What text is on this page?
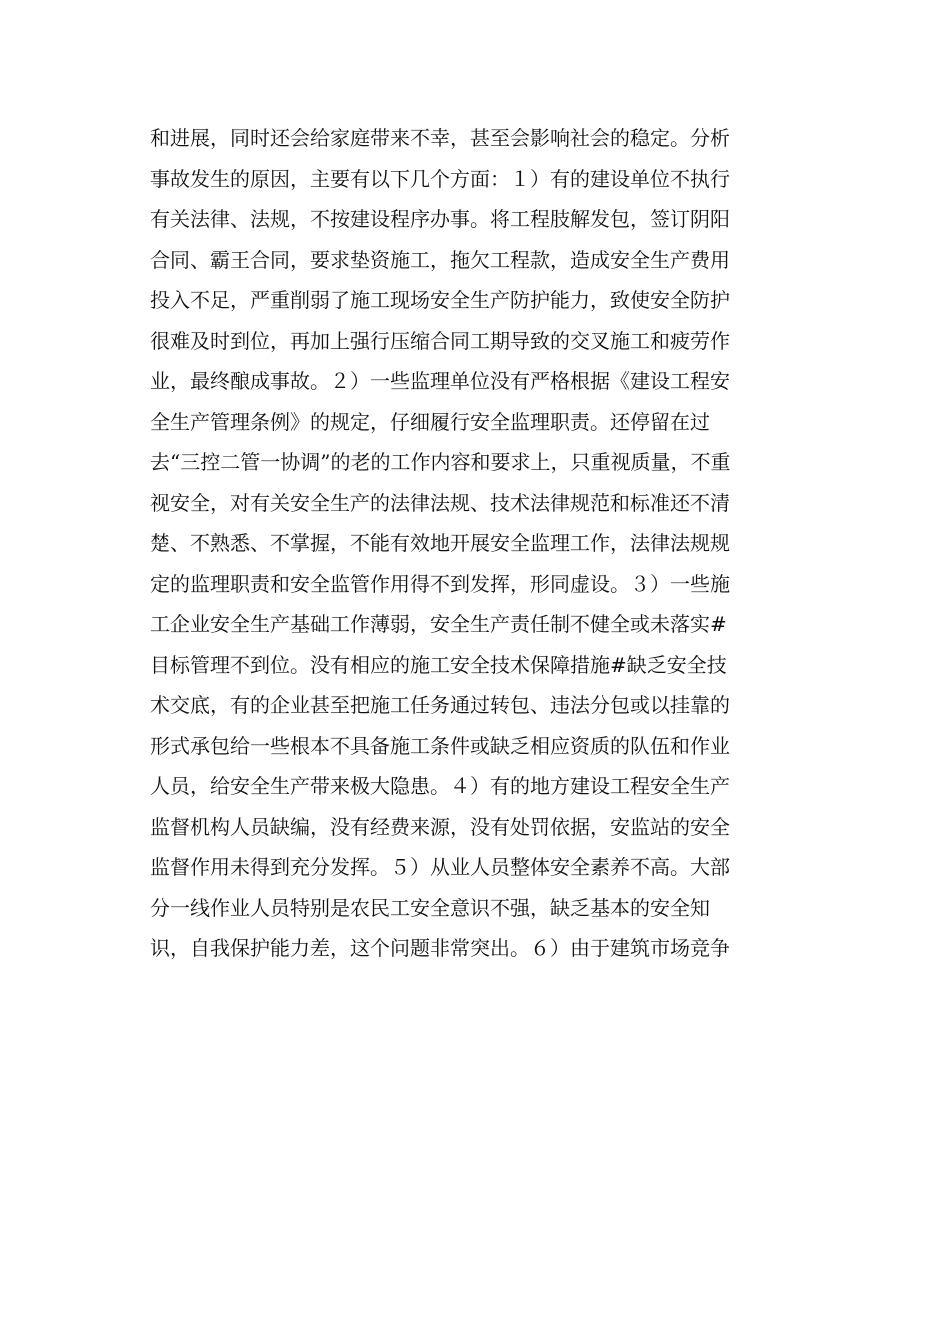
和进展，同时还会给家庭带来不幸，甚至会影响社会的稳定。分析
事故发生的原因，主要有以下几个方面：１）有的建设单位不执行
有关法律、法规，不按建设程序办事。将工程肢解发包，签订阴阳
合同、霸王合同，要求垫资施工，拖欠工程款，造成安全生产费用
投入不足，严重削弱了施工现场安全生产防护能力，致使安全防护
很难及时到位，再加上强行压缩合同工期导致的交叉施工和疲劳作
业，最终酿成事故。２）一些监理单位没有严格根据《建设工程安
全生产管理条例》的规定，仔细履行安全监理职责。还停留在过
去“三控二管一协调”的老的工作内容和要求上，只重视质量，不重
视安全，对有关安全生产的法律法规、技术法律规范和标准还不清
楚、不熟悉、不掌握，不能有效地开展安全监理工作，法律法规规
定的监理职责和安全监管作用得不到发挥，形同虚设。３）一些施
工企业安全生产基础工作薄弱，安全生产责任制不健全或未落实#
目标管理不到位。没有相应的施工安全技术保障措施#缺乏安全技
术交底，有的企业甚至把施工任务通过转包、违法分包或以挂靠的
形式承包给一些根本不具备施工条件或缺乏相应资质的队伍和作业
人员，给安全生产带来极大隐患。４）有的地方建设工程安全生产
监督机构人员缺编，没有经费来源，没有处罚依据，安监站的安全
监督作用未得到充分发挥。５）从业人员整体安全素养不高。大部
分一线作业人员特别是农民工安全意识不强，缺乏基本的安全知
识，自我保护能力差，这个问题非常突出。６）由于建筑市场竞争
